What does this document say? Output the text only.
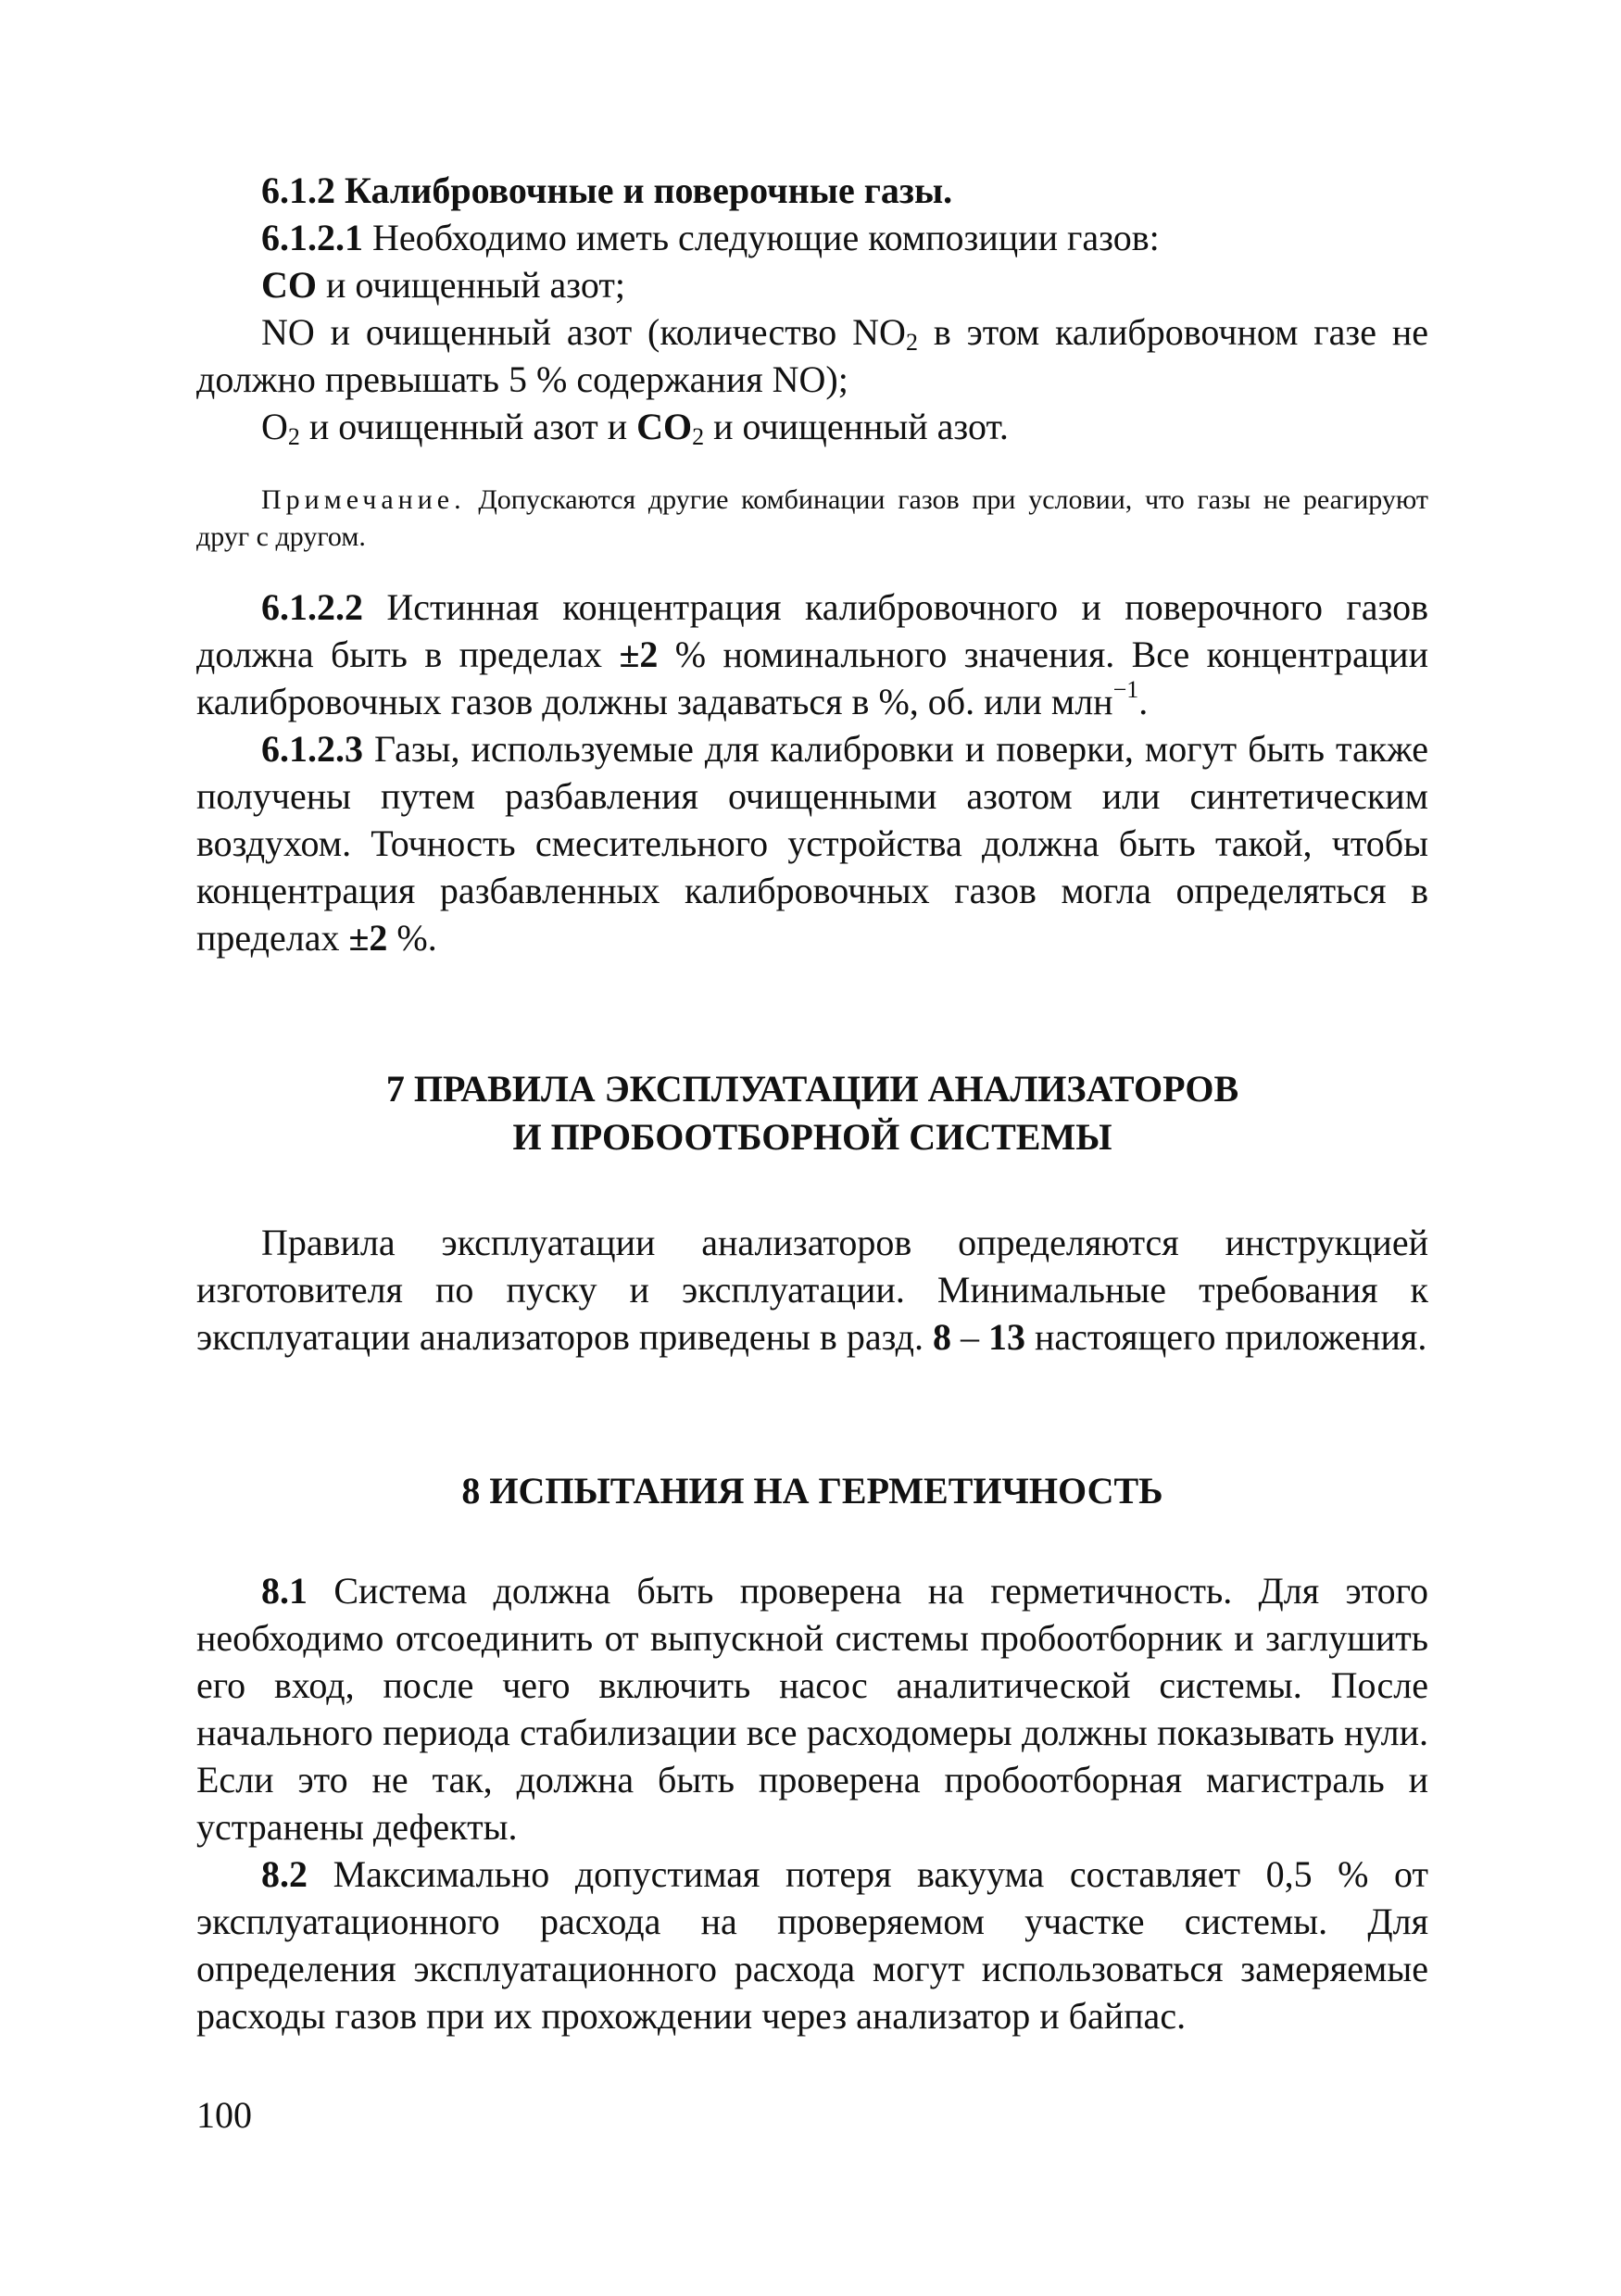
6.1.2 Калибровочные и поверочные газы.

6.1.2.1 Необходимо иметь следующие композиции газов:

СО и очищенный азот;

NO и очищенный азот (количество $NO_2$ в этом калибровочном газе не должно превышать 5 % содержания NO);

$O_2$ и очищенный азот и $СО_2$ и очищенный азот.

Примечание. Допускаются другие комбинации газов при условии, что газы не реагируют друг с другом.

6.1.2.2 Истинная концентрация калибровочного и поверочного газов должна быть в пределах ±2 % номинального значения. Все концентрации калибровочных газов должны задаваться в %, об. или млн$^{-1}$.

6.1.2.3 Газы, используемые для калибровки и поверки, могут быть также получены путем разбавления очищенными азотом или синтетическим воздухом. Точность смесительного устройства должна быть такой, чтобы концентрация разбавленных калибровочных газов могла определяться в пределах ±2 %.

7 ПРАВИЛА ЭКСПЛУАТАЦИИ АНАЛИЗАТОРОВ

И ПРОБООТБОРНОЙ СИСТЕМЫ

Правила эксплуатации анализаторов определяются инструкцией изготовителя по пуску и эксплуатации. Минимальные требования к эксплуатации анализаторов приведены в разд. 8 – 13 настоящего приложения.

8 ИСПЫТАНИЯ НА ГЕРМЕТИЧНОСТЬ

8.1 Система должна быть проверена на герметичность. Для этого необходимо отсоединить от выпускной системы пробоотборник и заглушить его вход, после чего включить насос аналитической системы. После начального периода стабилизации все расходомеры должны показывать нули. Если это не так, должна быть проверена пробоотборная магистраль и устранены дефекты.

8.2 Максимально допустимая потеря вакуума составляет 0,5 % от эксплуатационного расхода на проверяемом участке системы. Для определения эксплуатационного расхода могут использоваться замеряемые расходы газов при их прохождении через анализатор и байпас.

100
